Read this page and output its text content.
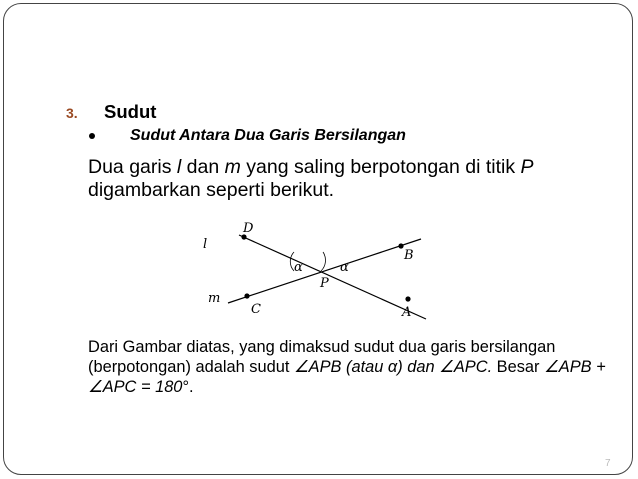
3. Sudut
Sudut Antara Dua Garis Bersilangan
Dua garis l dan m yang saling berpotongan di titik P digambarkan seperti berikut.
l
m
D
B
C	A
P
α	α
Dari Gambar diatas, yang dimaksud sudut dua garis bersilangan (berpotongan) adalah sudut ∠APB (atau α) dan ∠APC. Besar ∠APB + ∠APC = 180°.
7
